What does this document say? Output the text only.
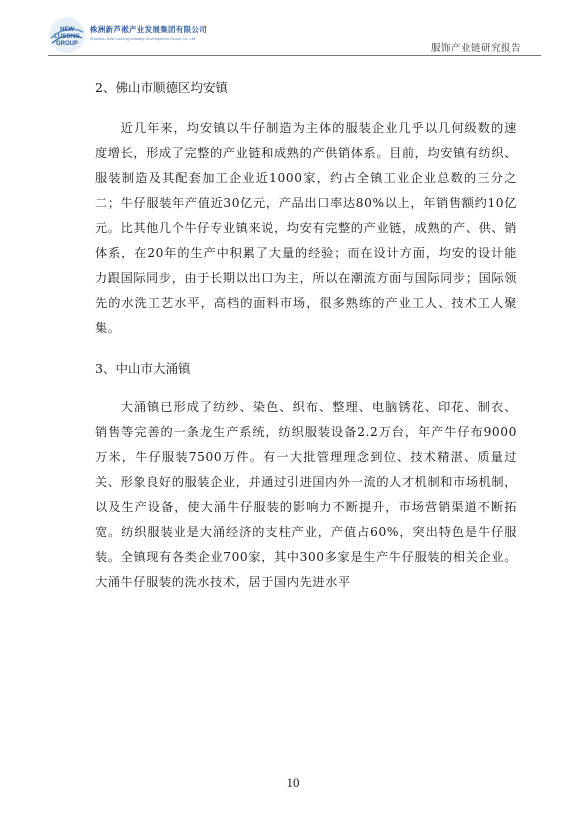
NEW
LUSONG
GROUP
株洲新芦淞产业发展集团有限公司
Zhuzhou New Lusong Industry Development Group Co.,Ltd
服饰产业链研究报告
2、佛山市顺德区均安镇

近几年来，均安镇以牛仔制造为主体的服装企业几乎以几何级数的速度增长，形成了完整的产业链和成熟的产供销体系。目前，均安镇有纺织、服装制造及其配套加工企业近1000家，约占全镇工业企业总数的三分之二；牛仔服装年产值近30亿元，产品出口率达80%以上，年销售额约10亿元。比其他几个牛仔专业镇来说，均安有完整的产业链，成熟的产、供、销体系，在20年的生产中积累了大量的经验；而在设计方面，均安的设计能力跟国际同步，由于长期以出口为主，所以在潮流方面与国际同步；国际领先的水洗工艺水平，高档的面料市场，很多熟练的产业工人、技术工人聚集。

3、中山市大涌镇

大涌镇已形成了纺纱、染色、织布、整理、电脑锈花、印花、制衣、销售等完善的一条龙生产系统，纺织服装设备2.2万台，年产牛仔布9000万米，牛仔服装7500万件。有一大批管理理念到位、技术精湛、质量过关、形象良好的服装企业，并通过引进国内外一流的人才机制和市场机制，以及生产设备，使大涌牛仔服装的影响力不断提升，市场营销渠道不断拓宽。纺织服装业是大涌经济的支柱产业，产值占60%，突出特色是牛仔服装。全镇现有各类企业700家，其中300多家是生产牛仔服装的相关企业。大涌牛仔服装的洗水技术，居于国内先进水平

10
